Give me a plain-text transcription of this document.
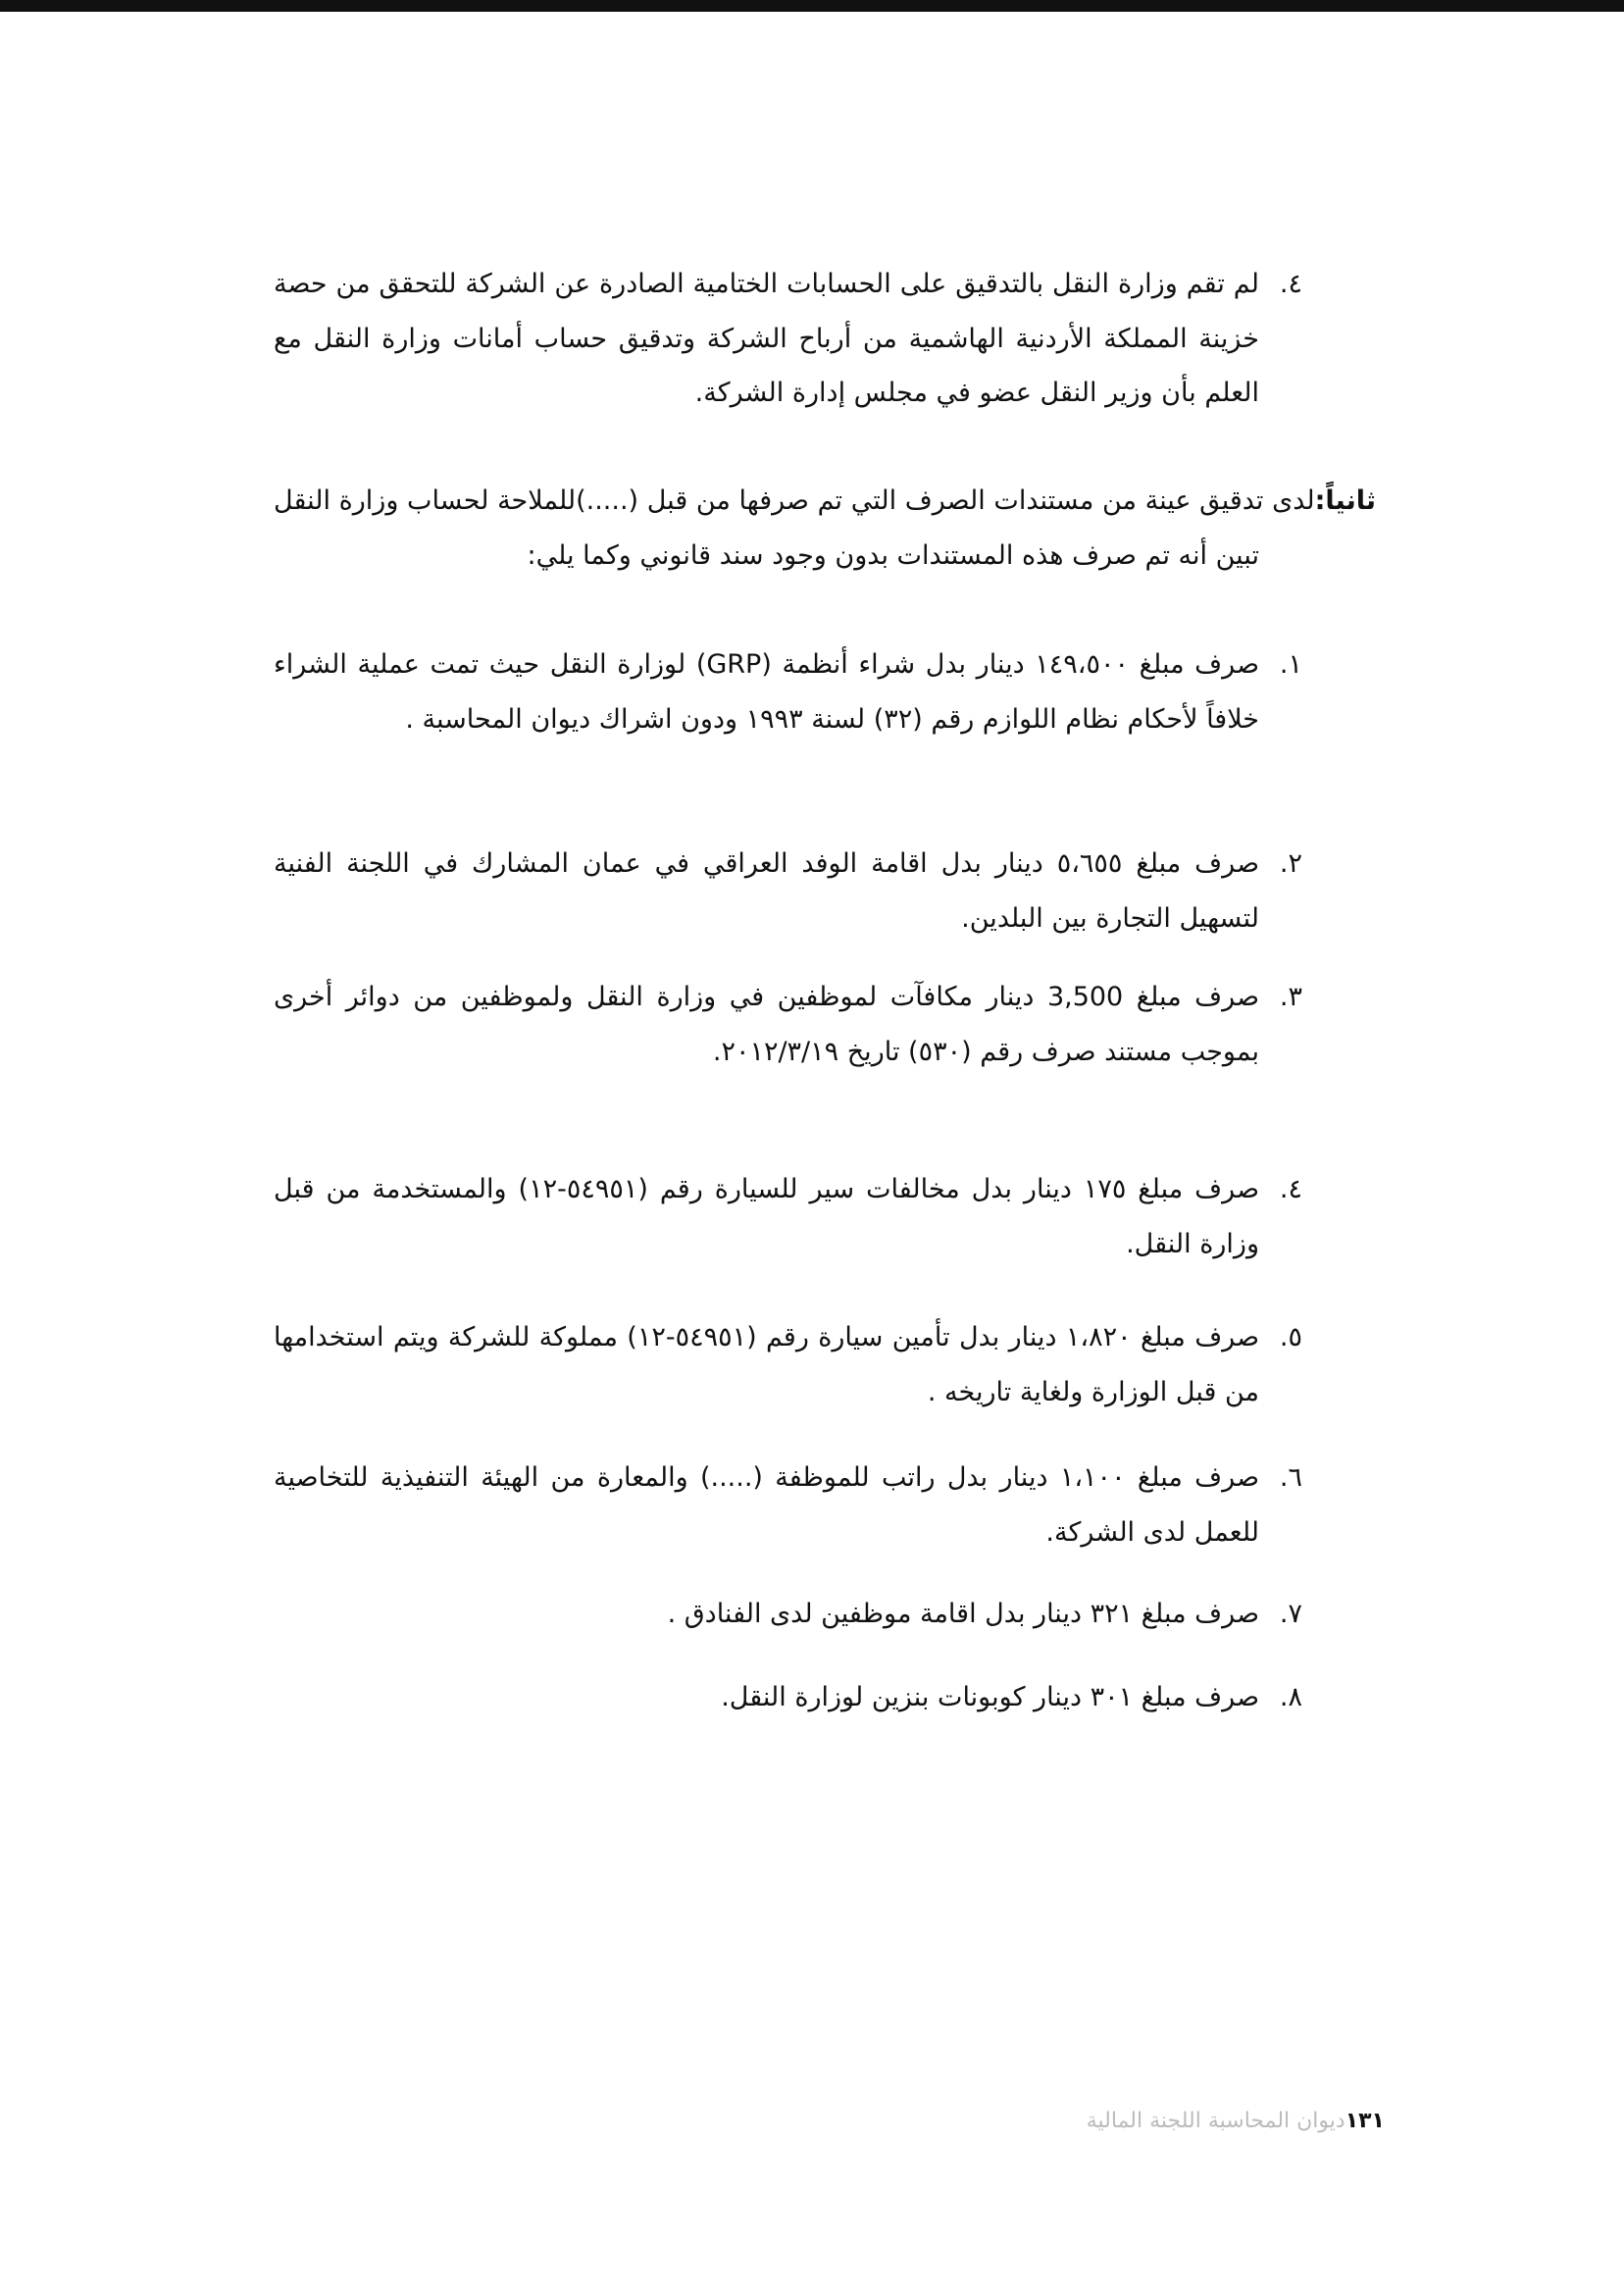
٤.
لم تقم وزارة النقل بالتدقيق على الحسابات الختامية الصادرة عن الشركة للتحقق من حصة خزينة المملكة الأردنية الهاشمية من أرباح الشركة وتدقيق حساب أمانات وزارة النقل مع العلم بأن وزير النقل عضو في مجلس إدارة الشركة.
ثانياً:لدى تدقيق عينة من مستندات الصرف التي تم صرفها من قبل (.....)للملاحة لحساب وزارة النقل تبين أنه تم صرف هذه المستندات بدون وجود سند قانوني وكما يلي:
١.
صرف مبلغ ١٤٩،٥٠٠ دينار بدل شراء أنظمة (GRP) لوزارة النقل حيث تمت عملية الشراء خلافاً لأحكام نظام اللوازم رقم (٣٢) لسنة ١٩٩٣ ودون اشراك ديوان المحاسبة .
٢.
صرف مبلغ ٥،٦٥٥ دينار بدل اقامة الوفد العراقي في عمان المشارك في اللجنة الفنية لتسهيل التجارة بين البلدين.
٣.
صرف مبلغ 3,500 دينار مكافآت لموظفين في وزارة النقل ولموظفين من دوائر أخرى بموجب مستند صرف رقم (٥٣٠) تاريخ ٢٠١٢/٣/١٩.
٤.
صرف مبلغ ١٧٥ دينار بدل مخالفات سير للسيارة رقم (٥٤٩٥١-١٢) والمستخدمة من قبل وزارة النقل.
٥.
صرف مبلغ ١،٨٢٠ دينار بدل تأمين سيارة رقم (٥٤٩٥١-١٢) مملوكة للشركة ويتم استخدامها من قبل الوزارة ولغاية تاريخه .
٦.
صرف مبلغ ١،١٠٠ دينار بدل راتب للموظفة (.....) والمعارة من الهيئة التنفيذية للتخاصية للعمل لدى الشركة.
٧.
صرف مبلغ ٣٢١ دينار بدل اقامة موظفين لدى الفنادق .
٨.
صرف مبلغ ٣٠١ دينار كوبونات بنزين لوزارة النقل.
١٣١ديوان المحاسبة اللجنة المالية
